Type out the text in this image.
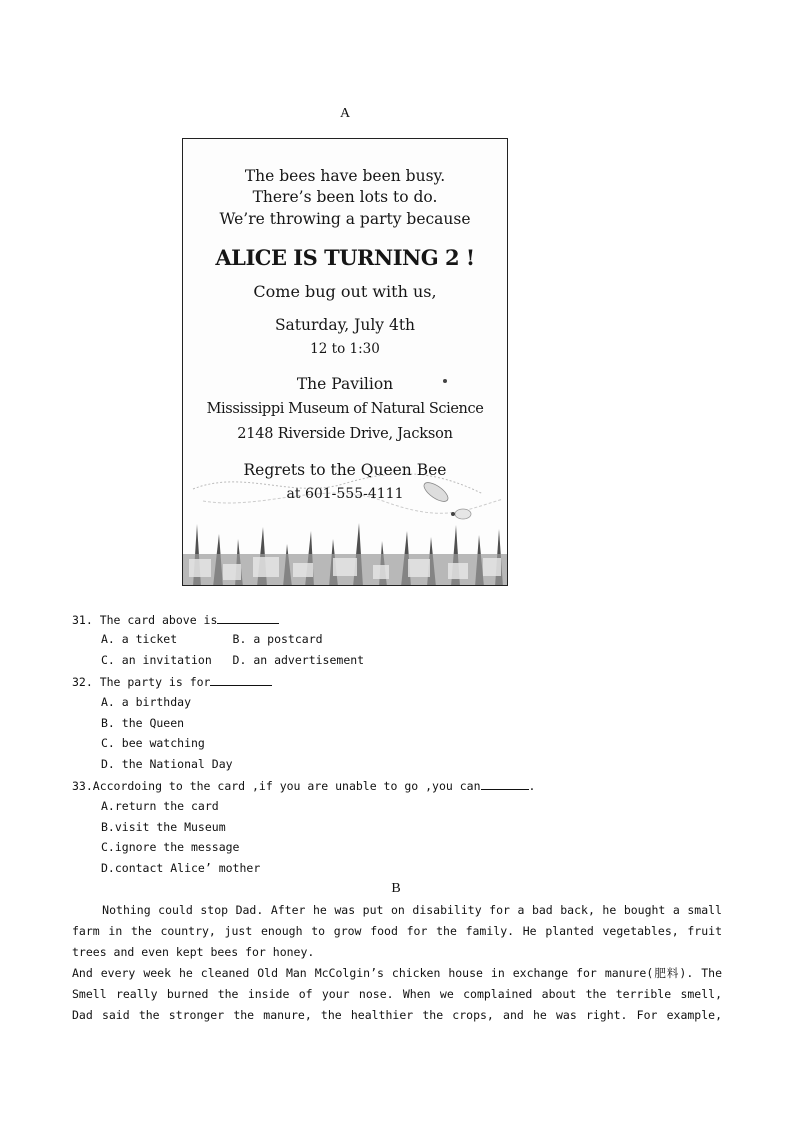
A
The bees have been busy.
There’s been lots to do.
We’re throwing a party because
ALICE IS TURNING 2 !
Come bug out with us,
Saturday, July 4th
12 to 1:30
The Pavilion
Mississippi Museum of Natural Science
2148 Riverside Drive, Jackson
Regrets to the Queen Bee
at 601-555-4111
31. The card above is
A. a ticket        B. a postcard
C. an invitation   D. an advertisement
32. The party is for
A. a birthday
B. the Queen
C. bee watching
D. the National Day
33.Accordoing to the card ,if you are unable to go ,you can	.
A.return the card
B.visit the Museum
C.ignore the message
D.contact Alice’ mother
B
Nothing could stop Dad. After he was put on disability for a bad back, he bought a small
farm in the country, just enough to grow food for the family. He planted vegetables, fruit
trees and even kept bees for honey.
And every week he cleaned Old Man McColgin’s chicken house in exchange for manure(肥料). The
Smell really burned the inside of your nose. When we complained about the terrible smell,
Dad said the stronger the manure, the healthier the crops, and he was right. For example,
